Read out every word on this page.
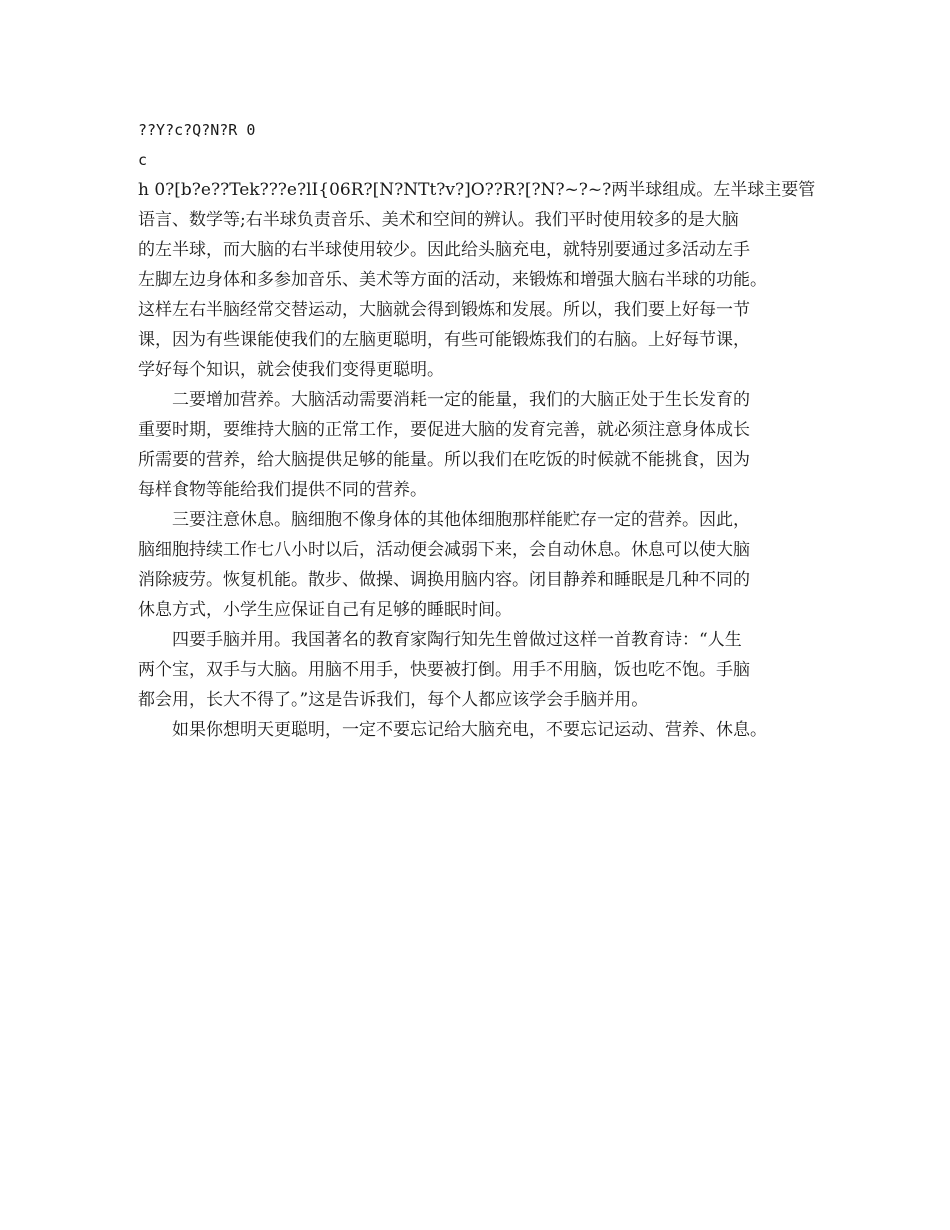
??Y?c?Q?N?R 0
c
h 0?[b?e??Tek???e?lI{06R?[N?NTt?v?]O??R?[?N?~?~?两半球组成。左半球主要管
语言、数学等;右半球负责音乐、美术和空间的辨认。我们平时使用较多的是大脑
的左半球，而大脑的右半球使用较少。因此给头脑充电，就特别要通过多活动左手
左脚左边身体和多参加音乐、美术等方面的活动，来锻炼和增强大脑右半球的功能。
这样左右半脑经常交替运动，大脑就会得到锻炼和发展。所以，我们要上好每一节
课，因为有些课能使我们的左脑更聪明，有些可能锻炼我们的右脑。上好每节课，
学好每个知识，就会使我们变得更聪明。
二要增加营养。大脑活动需要消耗一定的能量，我们的大脑正处于生长发育的
重要时期，要维持大脑的正常工作，要促进大脑的发育完善，就必须注意身体成长
所需要的营养，给大脑提供足够的能量。所以我们在吃饭的时候就不能挑食，因为
每样食物等能给我们提供不同的营养。
三要注意休息。脑细胞不像身体的其他体细胞那样能贮存一定的营养。因此，
脑细胞持续工作七八小时以后，活动便会减弱下来，会自动休息。休息可以使大脑
消除疲劳。恢复机能。散步、做操、调换用脑内容。闭目静养和睡眠是几种不同的
休息方式，小学生应保证自己有足够的睡眠时间。
四要手脑并用。我国著名的教育家陶行知先生曾做过这样一首教育诗：“人生
两个宝，双手与大脑。用脑不用手，快要被打倒。用手不用脑，饭也吃不饱。手脑
都会用，长大不得了。”这是告诉我们，每个人都应该学会手脑并用。
如果你想明天更聪明，一定不要忘记给大脑充电，不要忘记运动、营养、休息。
